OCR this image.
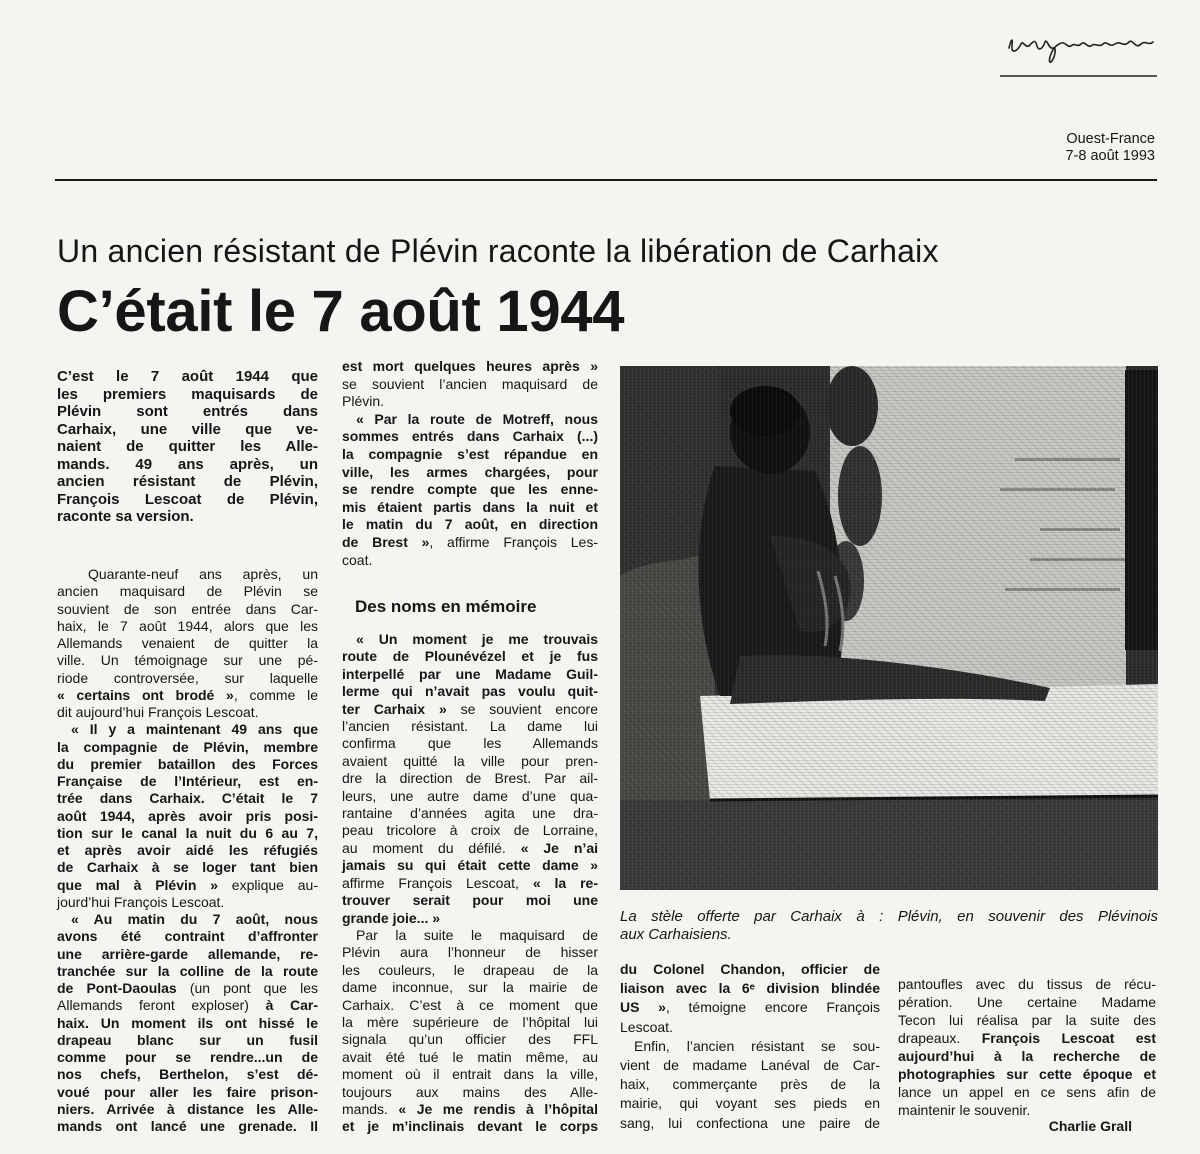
Ouest-France
7-8 août 1993
Un ancien résistant de Plévin raconte la libération de Carhaix
C’était le 7 août 1944
C’est le 7 août 1944 que
les premiers maquisards de
Plévin sont entrés dans
Carhaix, une ville que ve-
naient de quitter les Alle-
mands. 49 ans après, un
ancien résistant de Plévin,
François Lescoat de Plévin,
raconte sa version.
Quarante-neuf ans après, un
ancien maquisard de Plévin se
souvient de son entrée dans Car-
haix, le 7 août 1944, alors que les
Allemands venaient de quitter la
ville. Un témoignage sur une pé-
riode controversée, sur laquelle
« certains ont brodé », comme le
dit aujourd’hui François Lescoat.
« Il y a maintenant 49 ans que
la compagnie de Plévin, membre
du premier bataillon des Forces
Française de l’Intérieur, est en-
trée dans Carhaix. C’était le 7
août 1944, après avoir pris posi-
tion sur le canal la nuit du 6 au 7,
et après avoir aidé les réfugiés
de Carhaix à se loger tant bien
que mal à Plévin » explique au-
jourd’hui François Lescoat.
« Au matin du 7 août, nous
avons été contraint d’affronter
une arrière-garde allemande, re-
tranchée sur la colline de la route
de Pont-Daoulas (un pont que les
Allemands feront exploser) à Car-
haix. Un moment ils ont hissé le
drapeau blanc sur un fusil
comme pour se rendre...un de
nos chefs, Berthelon, s’est dé-
voué pour aller les faire prison-
niers. Arrivée à distance les Alle-
mands ont lancé une grenade. Il
est mort quelques heures après »
se souvient l’ancien maquisard de
Plévin.
« Par la route de Motreff, nous
sommes entrés dans Carhaix (...)
la compagnie s’est répandue en
ville, les armes chargées, pour
se rendre compte que les enne-
mis étaient partis dans la nuit et
le matin du 7 août, en direction
de Brest », affirme François Les-
coat.
Des noms en mémoire
« Un moment je me trouvais
route de Plounévézel et je fus
interpellé par une Madame Guil-
lerme qui n’avait pas voulu quit-
ter Carhaix » se souvient encore
l’ancien résistant. La dame lui
confirma que les Allemands
avaient quitté la ville pour pren-
dre la direction de Brest. Par ail-
leurs, une autre dame d’une qua-
rantaine d’années agita une dra-
peau tricolore à croix de Lorraine,
au moment du défilé. « Je n’ai
jamais su qui était cette dame »
affirme François Lescoat, « la re-
trouver serait pour moi une
grande joie... »
Par la suite le maquisard de
Plévin aura l’honneur de hisser
les couleurs, le drapeau de la
dame inconnue, sur la mairie de
Carhaix. C’est à ce moment que
la mère supérieure de l’hôpital lui
signala qu’un officier des FFL
avait été tué le matin même, au
moment où il entrait dans la ville,
toujours aux mains des Alle-
mands. « Je me rendis à l’hôpital
et je m’inclinais devant le corps
La stèle offerte par Carhaix à : Plévin, en souvenir des Plévinois
aux Carhaisiens.
du Colonel Chandon, officier de
liaison avec la 6ᵉ division blindée
US », témoigne encore François
Lescoat.
Enfin, l’ancien résistant se sou-
vient de madame Lanéval de Car-
haix, commerçante près de la
mairie, qui voyant ses pieds en
sang, lui confectiona une paire de
pantoufles avec du tissus de récu-
pération. Une certaine Madame
Tecon lui réalisa par la suite des
drapeaux. François Lescoat est
aujourd’hui à la recherche de
photographies sur cette époque et
lance un appel en ce sens afin de
maintenir le souvenir.
Charlie Grall
